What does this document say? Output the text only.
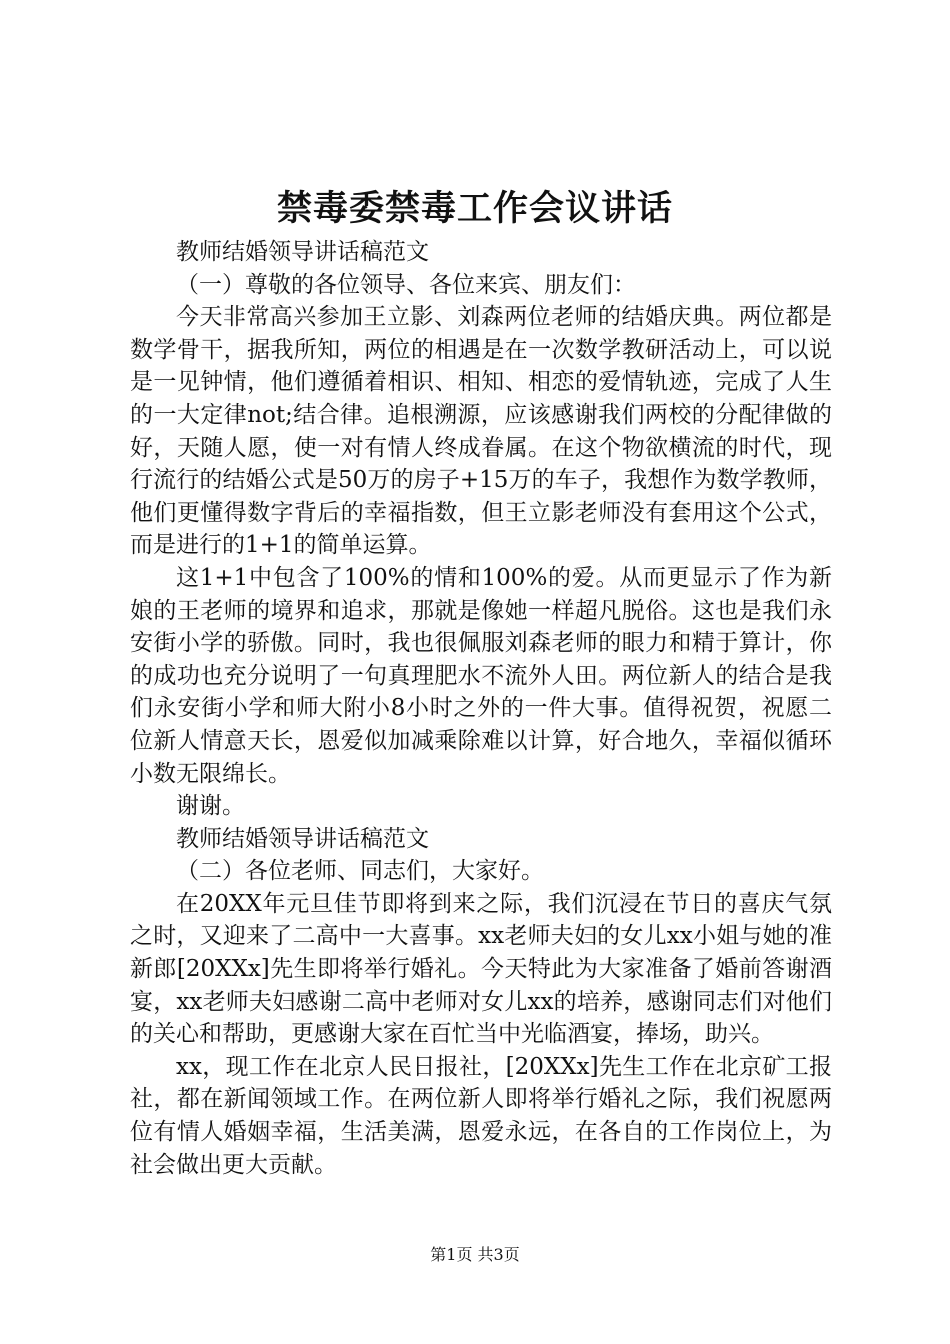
禁毒委禁毒工作会议讲话

教师结婚领导讲话稿范文

（一）尊敬的各位领导、各位来宾、朋友们：

今天非常高兴参加王立影、刘森两位老师的结婚庆典。两位都是数学骨干，据我所知，两位的相遇是在一次数学教研活动上，可以说是一见钟情，他们遵循着相识、相知、相恋的爱情轨迹，完成了人生的一大定律not;结合律。追根溯源，应该感谢我们两校的分配律做的好，天随人愿，使一对有情人终成眷属。在这个物欲横流的时代，现行流行的结婚公式是50万的房子+15万的车子，我想作为数学教师，他们更懂得数字背后的幸福指数，但王立影老师没有套用这个公式，而是进行的1+1的简单运算。

这1+1中包含了100%的情和100%的爱。从而更显示了作为新娘的王老师的境界和追求，那就是像她一样超凡脱俗。这也是我们永安街小学的骄傲。同时，我也很佩服刘森老师的眼力和精于算计，你的成功也充分说明了一句真理肥水不流外人田。两位新人的结合是我们永安街小学和师大附小8小时之外的一件大事。值得祝贺，祝愿二位新人情意天长，恩爱似加减乘除难以计算，好合地久，幸福似循环小数无限绵长。

谢谢。

教师结婚领导讲话稿范文

（二）各位老师、同志们，大家好。

在20XX年元旦佳节即将到来之际，我们沉浸在节日的喜庆气氛之时，又迎来了二高中一大喜事。xx老师夫妇的女儿xx小姐与她的准新郎[20XXx]先生即将举行婚礼。今天特此为大家准备了婚前答谢酒宴，xx老师夫妇感谢二高中老师对女儿xx的培养，感谢同志们对他们的关心和帮助，更感谢大家在百忙当中光临酒宴，捧场，助兴。

xx，现工作在北京人民日报社，[20XXx]先生工作在北京矿工报社，都在新闻领域工作。在两位新人即将举行婚礼之际，我们祝愿两位有情人婚姻幸福，生活美满，恩爱永远，在各自的工作岗位上，为社会做出更大贡献。

第1页 共3页
